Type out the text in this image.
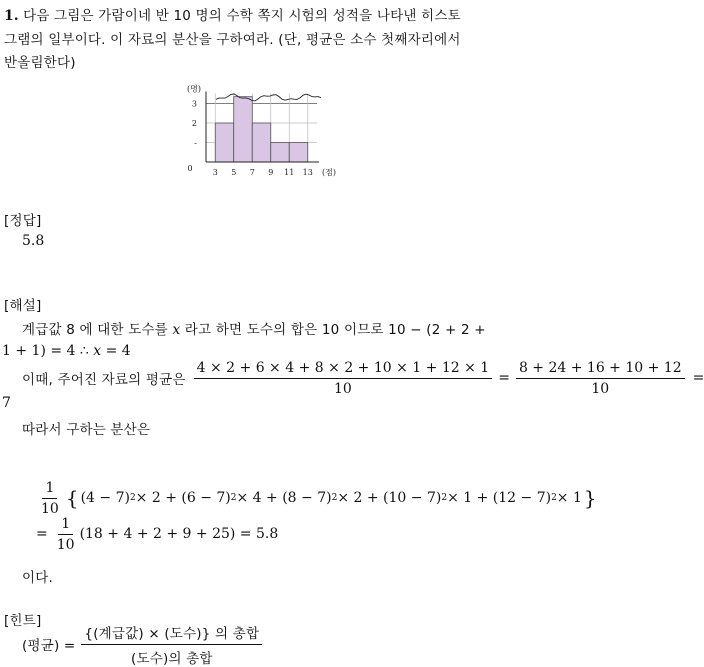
1. 다음 그림은 가람이네 반 10 명의 수학 쪽지 시험의 성적을 나타낸 히스토
그램의 일부이다. 이 자료의 분산을 구하여라. (단, 평균은 소수 첫째자리에서
반올림한다)
(명)
3
2
-
0	3 5 7 9 11 13 (점)
[정답]
5.8
[해설]
계급값 8 에 대한 도수를 x 라고 하면 도수의 합은 10 이므로 10 − (2 + 2 +
1 + 1) = 4 ∴ x = 4
이때, 주어진 자료의 평균은 $\frac{4 \times 2 + 6 \times 4 + 8 \times 2 + 10 \times 1 + 12 \times 1}{10} = \frac{8 + 24 + 16 + 10 + 12}{10}$ =
7
따라서 구하는 분산은
$\frac{1}{10}$ { (4 − 7) 2 × 2 + (6 − 7) 2 × 4 + (8 − 7) 2 × 2 + (10 − 7) 2 × 1 + (12 − 7) 2 × 1 }
= $\frac{1}{10} (18 + 4 + 2 + 9 + 25) = 5.8$
이다.
[힌트]
(평균) = $\frac{\text{\{(계급값) × (도수)\} 의 총합}}{\text{(도수)의 총합}}$
